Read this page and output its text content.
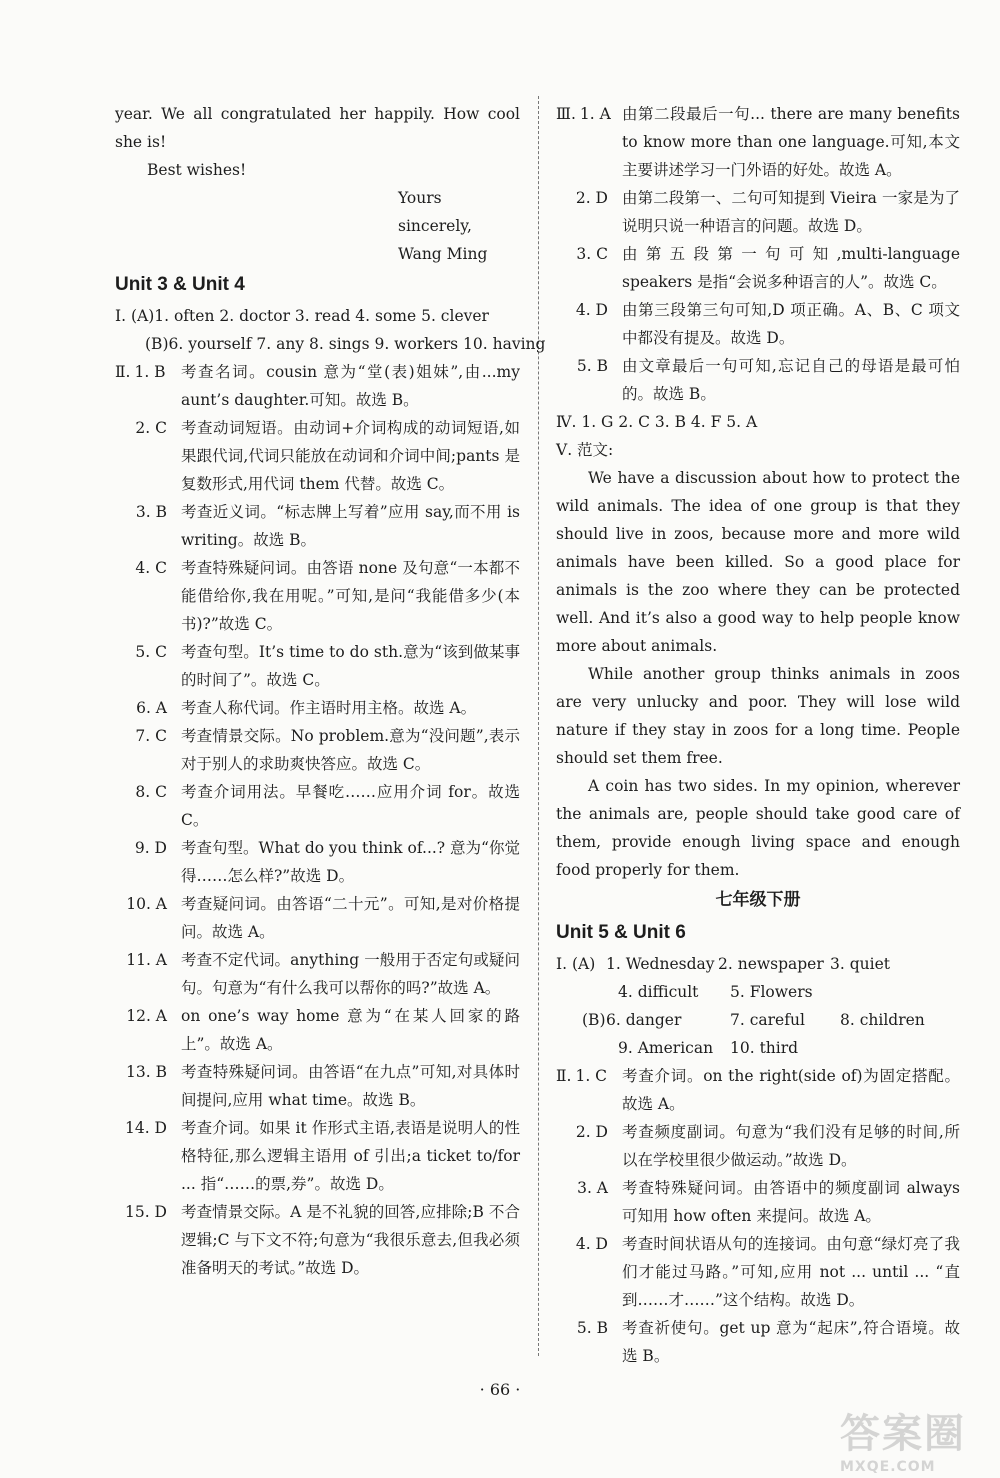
year. We all congratulated her happily. How cool she is!

Best wishes!

Yours sincerely,

Wang Ming

Unit 3 & Unit 4

Ⅰ. (A)1. often 2. doctor 3. read 4. some 5. clever

(B)6. yourself 7. any 8. sings 9. workers 10. having

Ⅱ. 1. B 考查名词。cousin 意为“堂(表)姐妹”,由...my aunt’s daughter.可知。故选 B。
2. C 考查动词短语。由动词+介词构成的动词短语,如果跟代词,代词只能放在动词和介词中间;pants 是复数形式,用代词 them 代替。故选 C。
3. B 考查近义词。“标志牌上写着”应用 say,而不用 is writing。故选 B。
4. C 考查特殊疑问词。由答语 none 及句意“一本都不能借给你,我在用呢。”可知,是问“我能借多少(本书)?”故选 C。
5. C 考查句型。It’s time to do sth.意为“该到做某事的时间了”。故选 C。
6. A 考查人称代词。作主语时用主格。故选 A。
7. C 考查情景交际。No problem.意为“没问题”,表示对于别人的求助爽快答应。故选 C。
8. C 考查介词用法。早餐吃……应用介词 for。故选 C。
9. D 考查句型。What do you think of...? 意为“你觉得……怎么样?”故选 D。
10. A 考查疑问词。由答语“二十元”。可知,是对价格提问。故选 A。
11. A 考查不定代词。anything 一般用于否定句或疑问句。句意为“有什么我可以帮你的吗?”故选 A。
12. A on one’s way home 意为“在某人回家的路上”。故选 A。
13. B 考查特殊疑问词。由答语“在九点”可知,对具体时间提问,应用 what time。故选 B。
14. D 考查介词。如果 it 作形式主语,表语是说明人的性格特征,那么逻辑主语用 of 引出;a ticket to/for ... 指“……的票,券”。故选 D。
15. D 考查情景交际。A 是不礼貌的回答,应排除;B 不合逻辑;C 与下文不符;句意为“我很乐意去,但我必须准备明天的考试。”故选 D。
Ⅲ. 1. A 由第二段最后一句... there are many benefits to know more than one language.可知,本文主要讲述学习一门外语的好处。故选 A。
2. D 由第二段第一、二句可知提到 Vieira 一家是为了说明只说一种语言的问题。故选 D。
3. C 由第五段第一句可知,multi-language speakers 是指“会说多种语言的人”。故选 C。
4. D 由第三段第三句可知,D 项正确。A、B、C 项文中都没有提及。故选 D。
5. B 由文章最后一句可知,忘记自己的母语是最可怕的。故选 B。

Ⅳ. 1. G 2. C 3. B 4. F 5. A

Ⅴ. 范文:

We have a discussion about how to protect the wild animals. The idea of one group is that they should live in zoos, because more and more wild animals have been killed. So a good place for animals is the zoo where they can be protected well. And it’s also a good way to help people know more about animals.

While another group thinks animals in zoos are very unlucky and poor. They will lose wild nature if they stay in zoos for a long time. People should set them free.

A coin has two sides. In my opinion, wherever the animals are, people should take good care of them, provide enough living space and enough food properly for them.

七年级下册

Unit 5 & Unit 6

Ⅰ. (A) 1. Wednesday 2. newspaper 3. quiet
4. difficult 5. Flowers
(B)6. danger	7. careful 8. children
9. American 10. third
Ⅱ. 1. C 考查介词。on the right(side of)为固定搭配。故选 A。
2. D 考查频度副词。句意为“我们没有足够的时间,所以在学校里很少做运动。”故选 D。
3. A 考查特殊疑问词。由答语中的频度副词 always 可知用 how often 来提问。故选 A。
4. D 考查时间状语从句的连接词。由句意“绿灯亮了我们才能过马路。”可知,应用 not ... until ... “直到……才……”这个结构。故选 D。
5. B 考查祈使句。get up 意为“起床”,符合语境。故选 B。
· 66 ·
答案圈
MXQE.COM
